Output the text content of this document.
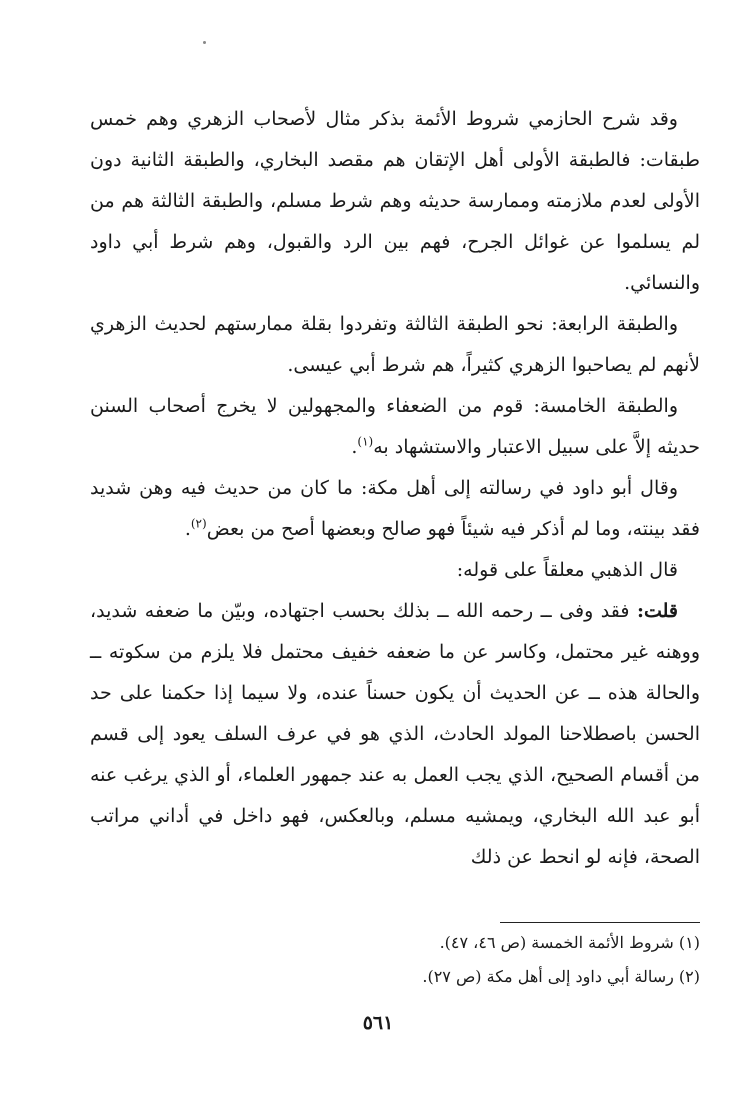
وقد شرح الحازمي شروط الأئمة بذكر مثال لأصحاب الزهري وهم خمس طبقات: فالطبقة الأولى أهل الإتقان هم مقصد البخاري، والطبقة الثانية دون الأولى لعدم ملازمته وممارسة حديثه وهم شرط مسلم، والطبقة الثالثة هم من لم يسلموا عن غوائل الجرح، فهم بين الرد والقبول، وهم شرط أبي داود والنسائي.

والطبقة الرابعة: نحو الطبقة الثالثة وتفردوا بقلة ممارستهم لحديث الزهري لأنهم لم يصاحبوا الزهري كثيراً، هم شرط أبي عيسى.

والطبقة الخامسة: قوم من الضعفاء والمجهولين لا يخرج أصحاب السنن حديثه إلاَّ على سبيل الاعتبار والاستشهاد به$^{(١)}$.

وقال أبو داود في رسالته إلى أهل مكة: ما كان من حديث فيه وهن شديد فقد بينته، وما لم أذكر فيه شيئاً فهو صالح وبعضها أصح من بعض$^{(٢)}$.

قال الذهبي معلقاً على قوله:

قلت: فقد وفى ــ رحمه الله ــ بذلك بحسب اجتهاده، وبيّن ما ضعفه شديد، ووهنه غير محتمل، وكاسر عن ما ضعفه خفيف محتمل فلا يلزم من سكوته ــ والحالة هذه ــ عن الحديث أن يكون حسناً عنده، ولا سيما إذا حكمنا على حد الحسن باصطلاحنا المولد الحادث، الذي هو في عرف السلف يعود إلى قسم من أقسام الصحيح، الذي يجب العمل به عند جمهور العلماء، أو الذي يرغب عنه أبو عبد الله البخاري، ويمشيه مسلم، وبالعكس، فهو داخل في أداني مراتب الصحة، فإنه لو انحط عن ذلك

(١) شروط الأئمة الخمسة (ص ٤٦، ٤٧).

(٢) رسالة أبي داود إلى أهل مكة (ص ٢٧).

٥٦١
